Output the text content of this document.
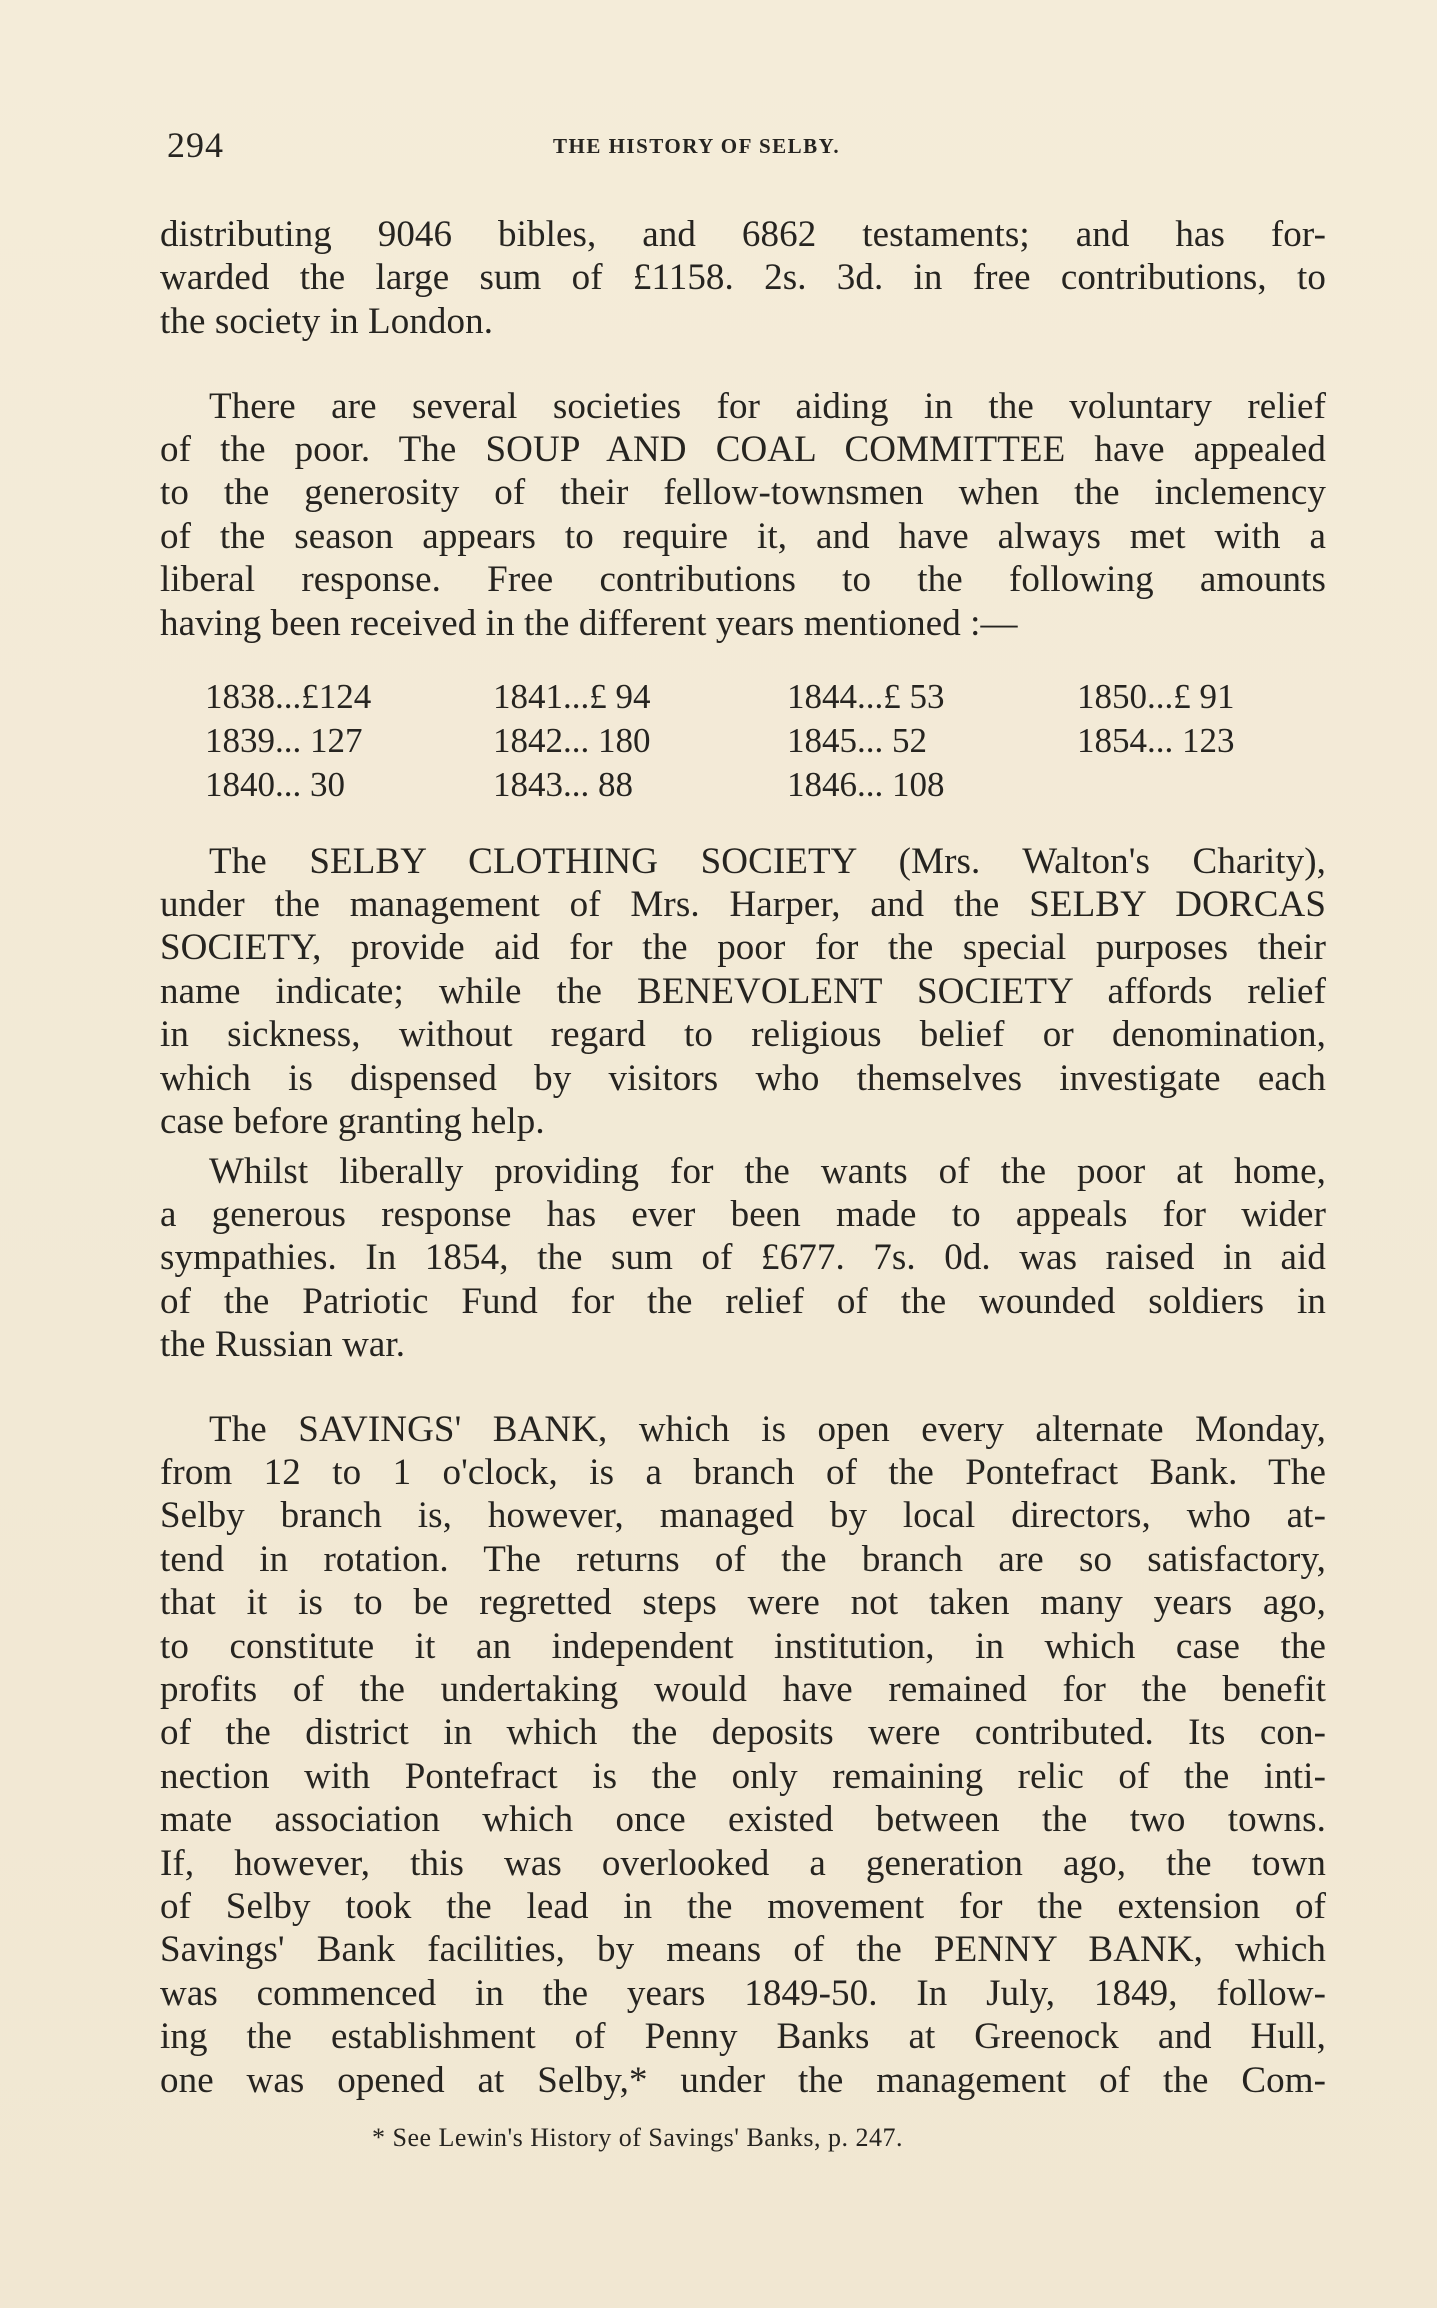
294	THE HISTORY OF SELBY.
distributing 9046 bibles, and 6862 testaments; and has for-
warded the large sum of £1158. 2s. 3d. in free contributions, to
the society in London.
There are several societies for aiding in the voluntary relief
of the poor. The SOUP AND COAL COMMITTEE have appealed
to the generosity of their fellow-townsmen when the inclemency
of the season appears to require it, and have always met with a
liberal response. Free contributions to the following amounts
having been received in the different years mentioned :—
1838...£124
1839... 127
1840... 30
1841...£ 94
1842... 180
1843... 88
1844...£ 53
1845... 52
1846... 108
1850...£ 91
1854... 123
The SELBY CLOTHING SOCIETY (Mrs. Walton's Charity),
under the management of Mrs. Harper, and the SELBY DORCAS
SOCIETY, provide aid for the poor for the special purposes their
name indicate; while the BENEVOLENT SOCIETY affords relief
in sickness, without regard to religious belief or denomination,
which is dispensed by visitors who themselves investigate each
case before granting help.
Whilst liberally providing for the wants of the poor at home,
a generous response has ever been made to appeals for wider
sympathies. In 1854, the sum of £677. 7s. 0d. was raised in aid
of the Patriotic Fund for the relief of the wounded soldiers in
the Russian war.
The SAVINGS' BANK, which is open every alternate Monday,
from 12 to 1 o'clock, is a branch of the Pontefract Bank. The
Selby branch is, however, managed by local directors, who at-
tend in rotation. The returns of the branch are so satisfactory,
that it is to be regretted steps were not taken many years ago,
to constitute it an independent institution, in which case the
profits of the undertaking would have remained for the benefit
of the district in which the deposits were contributed. Its con-
nection with Pontefract is the only remaining relic of the inti-
mate association which once existed between the two towns.
If, however, this was overlooked a generation ago, the town
of Selby took the lead in the movement for the extension of
Savings' Bank facilities, by means of the PENNY BANK, which
was commenced in the years 1849-50. In July, 1849, follow-
ing the establishment of Penny Banks at Greenock and Hull,
one was opened at Selby,* under the management of the Com-
* See Lewin's History of Savings' Banks, p. 247.
